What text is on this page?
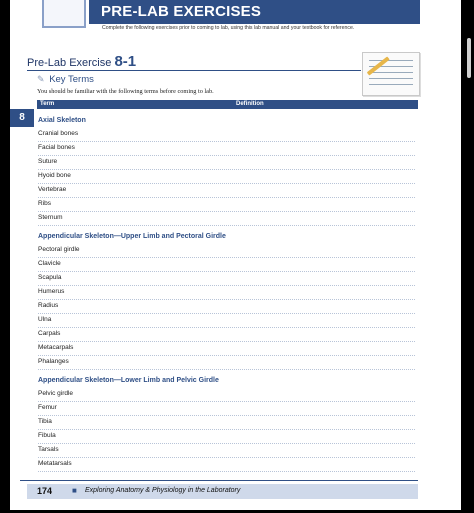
PRE-LAB EXERCISES
Complete the following exercises prior to coming to lab, using this lab manual and your textbook for reference.
Pre-Lab Exercise 8-1
✎ Key Terms
You should be familiar with the following terms before coming to lab.
Term	Definition
8	Axial Skeleton
Cranial bones
Facial bones
Suture
Hyoid bone
Vertebrae
Ribs
Sternum
Appendicular Skeleton—Upper Limb and Pectoral Girdle
Pectoral girdle
Clavicle
Scapula
Humerus
Radius
Ulna
Carpals
Metacarpals
Phalanges
Appendicular Skeleton—Lower Limb and Pelvic Girdle
Pelvic girdle
Femur
Tibia
Fibula
Tarsals
Metatarsals
174 ■ Exploring Anatomy & Physiology in the Laboratory
